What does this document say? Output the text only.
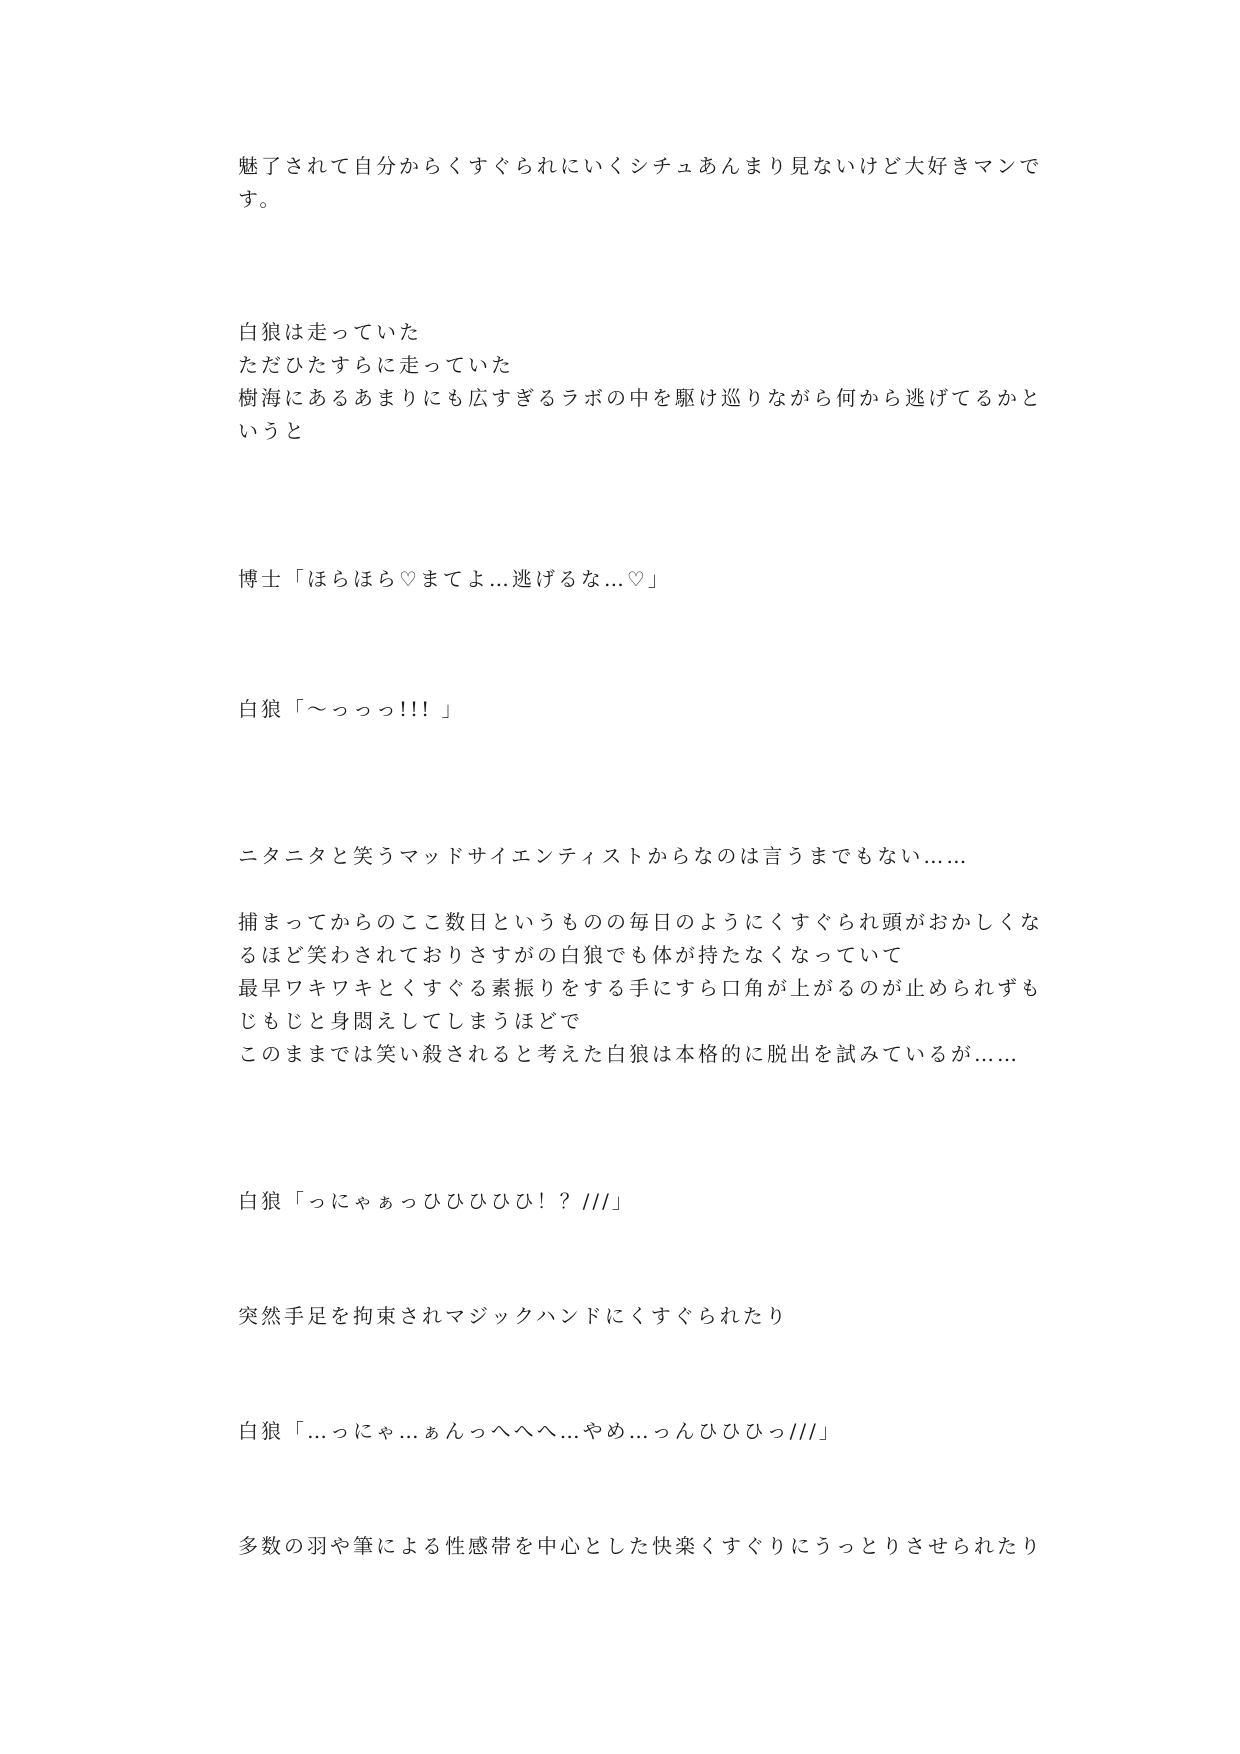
魅了されて自分からくすぐられにいくシチュあんまり見ないけど大好きマンで
す。
白狼は走っていた
ただひたすらに走っていた
樹海にあるあまりにも広すぎるラボの中を駆け巡りながら何から逃げてるかと
いうと
博士「ほらほら♡まてよ…逃げるな…♡」
白狼「〜っっっ!!! 」
ニタニタと笑うマッドサイエンティストからなのは言うまでもない……
捕まってからのここ数日というものの毎日のようにくすぐられ頭がおかしくな
るほど笑わされておりさすがの白狼でも体が持たなくなっていて
最早ワキワキとくすぐる素振りをする手にすら口角が上がるのが止められずも
じもじと身悶えしてしまうほどで
このままでは笑い殺されると考えた白狼は本格的に脱出を試みているが……
白狼「っにゃぁっひひひひひ！？///」
突然手足を拘束されマジックハンドにくすぐられたり
白狼「…っにゃ…ぁんっへへへ…やめ…っんひひひっ///」
多数の羽や筆による性感帯を中心とした快楽くすぐりにうっとりさせられたり
